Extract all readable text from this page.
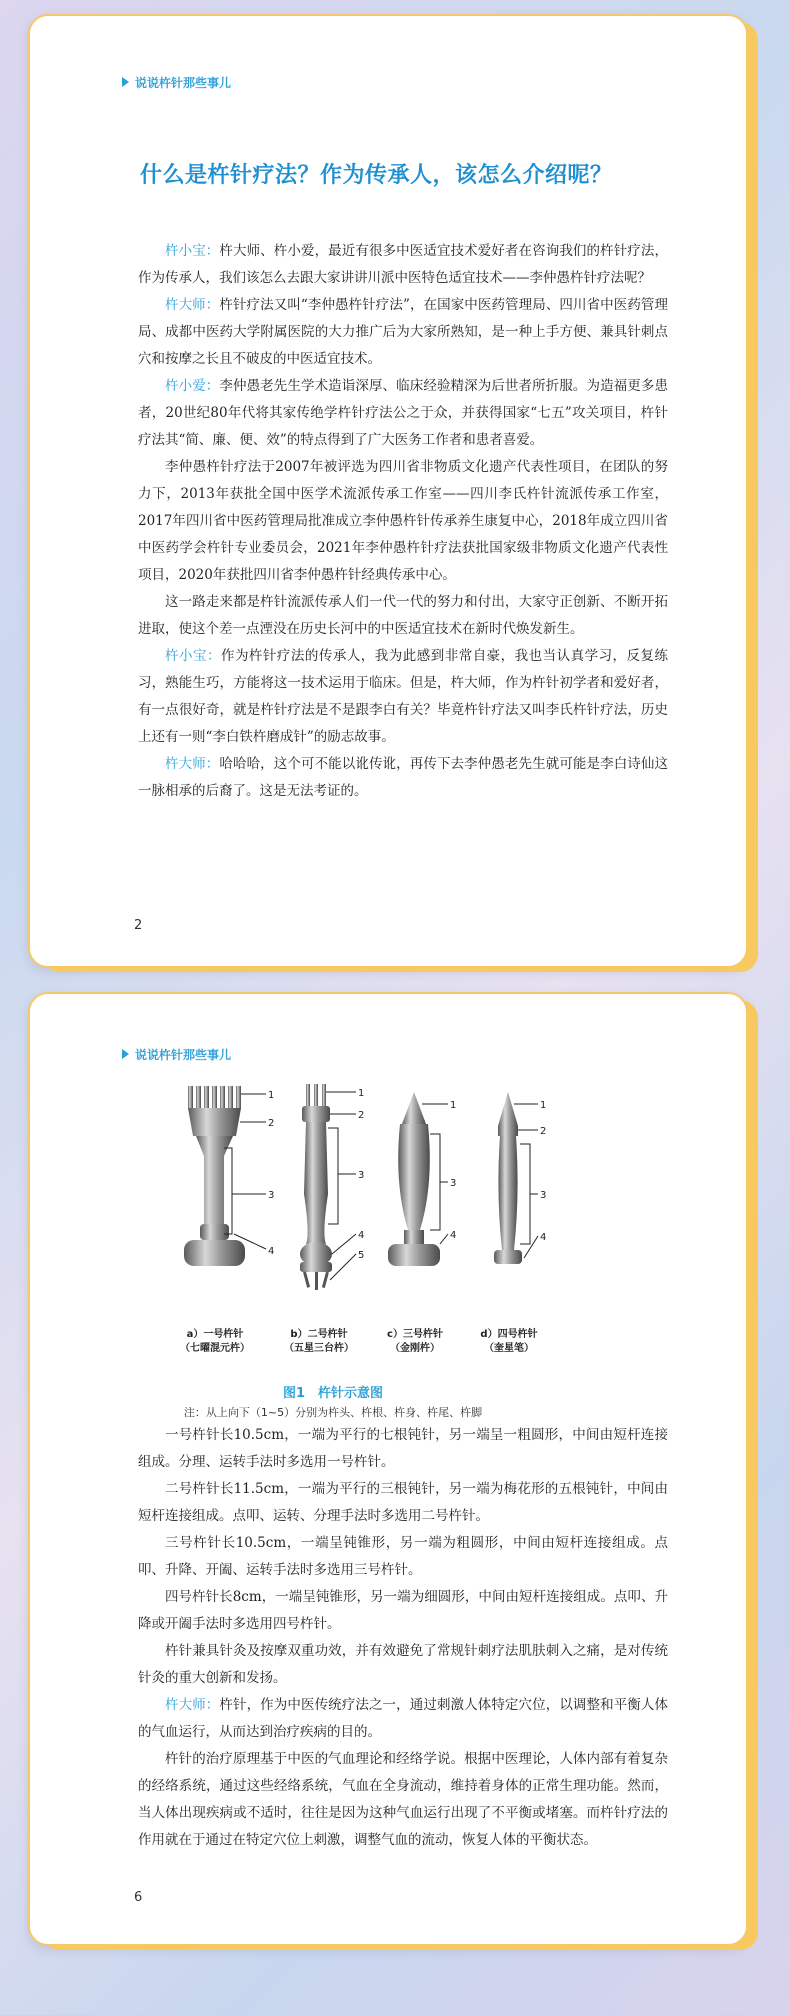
说说杵针那些事儿
什么是杵针疗法？作为传承人，该怎么介绍呢？

杵小宝：杵大师、杵小爱，最近有很多中医适宜技术爱好者在咨询我们的杵针疗法，作为传承人，我们该怎么去跟大家讲讲川派中医特色适宜技术——李仲愚杵针疗法呢？

杵大师：杵针疗法又叫“李仲愚杵针疗法”，在国家中医药管理局、四川省中医药管理局、成都中医药大学附属医院的大力推广后为大家所熟知，是一种上手方便、兼具针刺点穴和按摩之长且不破皮的中医适宜技术。

杵小爱：李仲愚老先生学术造诣深厚、临床经验精深为后世者所折服。为造福更多患者，20世纪80年代将其家传绝学杵针疗法公之于众，并获得国家“七五”攻关项目，杵针疗法其“简、廉、便、效”的特点得到了广大医务工作者和患者喜爱。

李仲愚杵针疗法于2007年被评选为四川省非物质文化遗产代表性项目，在团队的努力下，2013年获批全国中医学术流派传承工作室——四川李氏杵针流派传承工作室，2017年四川省中医药管理局批准成立李仲愚杵针传承养生康复中心，2018年成立四川省中医药学会杵针专业委员会，2021年李仲愚杵针疗法获批国家级非物质文化遗产代表性项目，2020年获批四川省李仲愚杵针经典传承中心。

这一路走来都是杵针流派传承人们一代一代的努力和付出，大家守正创新、不断开拓进取，使这个差一点湮没在历史长河中的中医适宜技术在新时代焕发新生。

杵小宝：作为杵针疗法的传承人，我为此感到非常自豪，我也当认真学习，反复练习，熟能生巧，方能将这一技术运用于临床。但是，杵大师，作为杵针初学者和爱好者，有一点很好奇，就是杵针疗法是不是跟李白有关？毕竟杵针疗法又叫李氏杵针疗法，历史上还有一则“李白铁杵磨成针”的励志故事。

杵大师：哈哈哈，这个可不能以讹传讹，再传下去李仲愚老先生就可能是李白诗仙这一脉相承的后裔了。这是无法考证的。

2
说说杵针那些事儿
1
2
3
4
1
2
3
4
5
1
3
4
1
2
3
4
a）一号杵针
（七曜混元杵）
b）二号杵针
（五星三台杵）
c）三号杵针
（金刚杵）
d）四号杵针
（奎星笔）
图1　杵针示意图
注：从上向下（1~5）分别为杵头、杵根、杵身、杵尾、杵脚

一号杵针长10.5cm，一端为平行的七根钝针，另一端呈一粗圆形，中间由短杆连接组成。分理、运转手法时多选用一号杵针。

二号杵针长11.5cm，一端为平行的三根钝针，另一端为梅花形的五根钝针，中间由短杆连接组成。点叩、运转、分理手法时多选用二号杵针。

三号杵针长10.5cm，一端呈钝锥形，另一端为粗圆形，中间由短杆连接组成。点叩、升降、开阖、运转手法时多选用三号杵针。

四号杵针长8cm，一端呈钝锥形，另一端为细圆形，中间由短杆连接组成。点叩、升降或开阖手法时多选用四号杵针。

杵针兼具针灸及按摩双重功效，并有效避免了常规针刺疗法肌肤刺入之痛，是对传统针灸的重大创新和发扬。

杵大师：杵针，作为中医传统疗法之一，通过刺激人体特定穴位，以调整和平衡人体的气血运行，从而达到治疗疾病的目的。

杵针的治疗原理基于中医的气血理论和经络学说。根据中医理论，人体内部有着复杂的经络系统，通过这些经络系统，气血在全身流动，维持着身体的正常生理功能。然而，当人体出现疾病或不适时，往往是因为这种气血运行出现了不平衡或堵塞。而杵针疗法的作用就在于通过在特定穴位上刺激，调整气血的流动，恢复人体的平衡状态。

6
